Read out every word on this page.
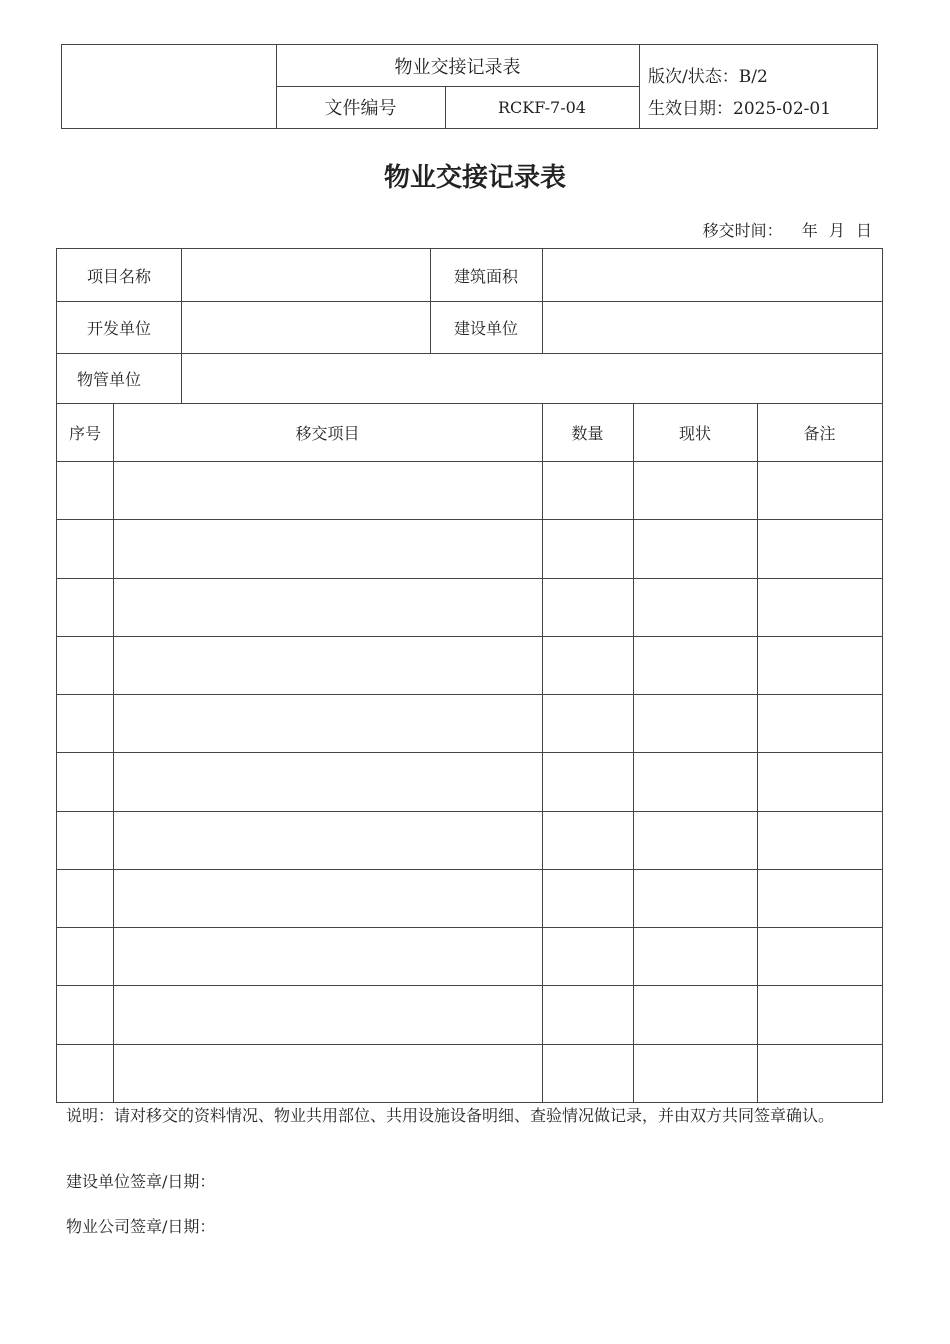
物业交接记录表
文件编号	RCKF-7-04
版次/状态：B/2
生效日期：2025-02-01
物业交接记录表
移交时间： 年 月 日
项目名称	建筑面积
开发单位	建设单位
物管单位
序号	移交项目	数量	现状	备注
说明：请对移交的资料情况、物业共用部位、共用设施设备明细、查验情况做记录，并由双方共同签章确认。
建设单位签章/日期：
物业公司签章/日期：
